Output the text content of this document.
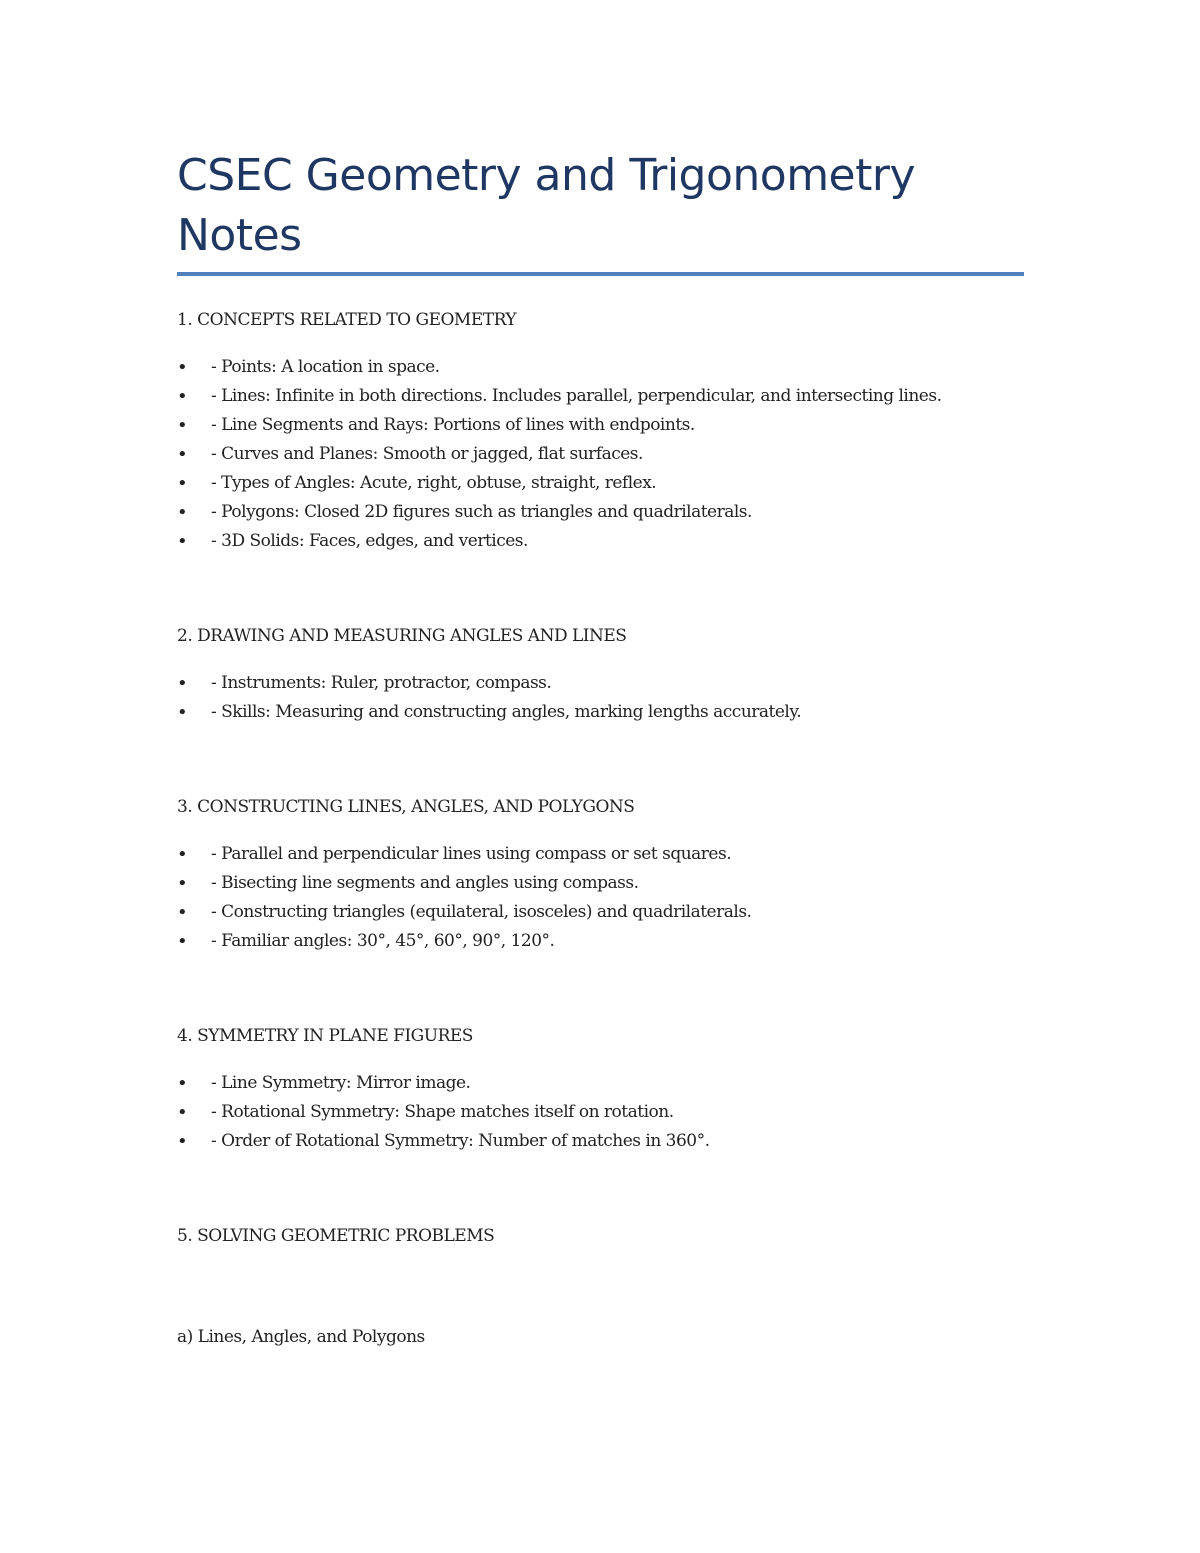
CSEC Geometry and Trigonometry Notes

1. CONCEPTS RELATED TO GEOMETRY

• - Points: A location in space.
• - Lines: Infinite in both directions. Includes parallel, perpendicular, and intersecting lines.
• - Line Segments and Rays: Portions of lines with endpoints.
• - Curves and Planes: Smooth or jagged, flat surfaces.
• - Types of Angles: Acute, right, obtuse, straight, reflex.
• - Polygons: Closed 2D figures such as triangles and quadrilaterals.
• - 3D Solids: Faces, edges, and vertices.

2. DRAWING AND MEASURING ANGLES AND LINES

• - Instruments: Ruler, protractor, compass.
• - Skills: Measuring and constructing angles, marking lengths accurately.

3. CONSTRUCTING LINES, ANGLES, AND POLYGONS

• - Parallel and perpendicular lines using compass or set squares.
• - Bisecting line segments and angles using compass.
• - Constructing triangles (equilateral, isosceles) and quadrilaterals.
• - Familiar angles: 30°, 45°, 60°, 90°, 120°.

4. SYMMETRY IN PLANE FIGURES

• - Line Symmetry: Mirror image.
• - Rotational Symmetry: Shape matches itself on rotation.
• - Order of Rotational Symmetry: Number of matches in 360°.

5. SOLVING GEOMETRIC PROBLEMS

a) Lines, Angles, and Polygons
